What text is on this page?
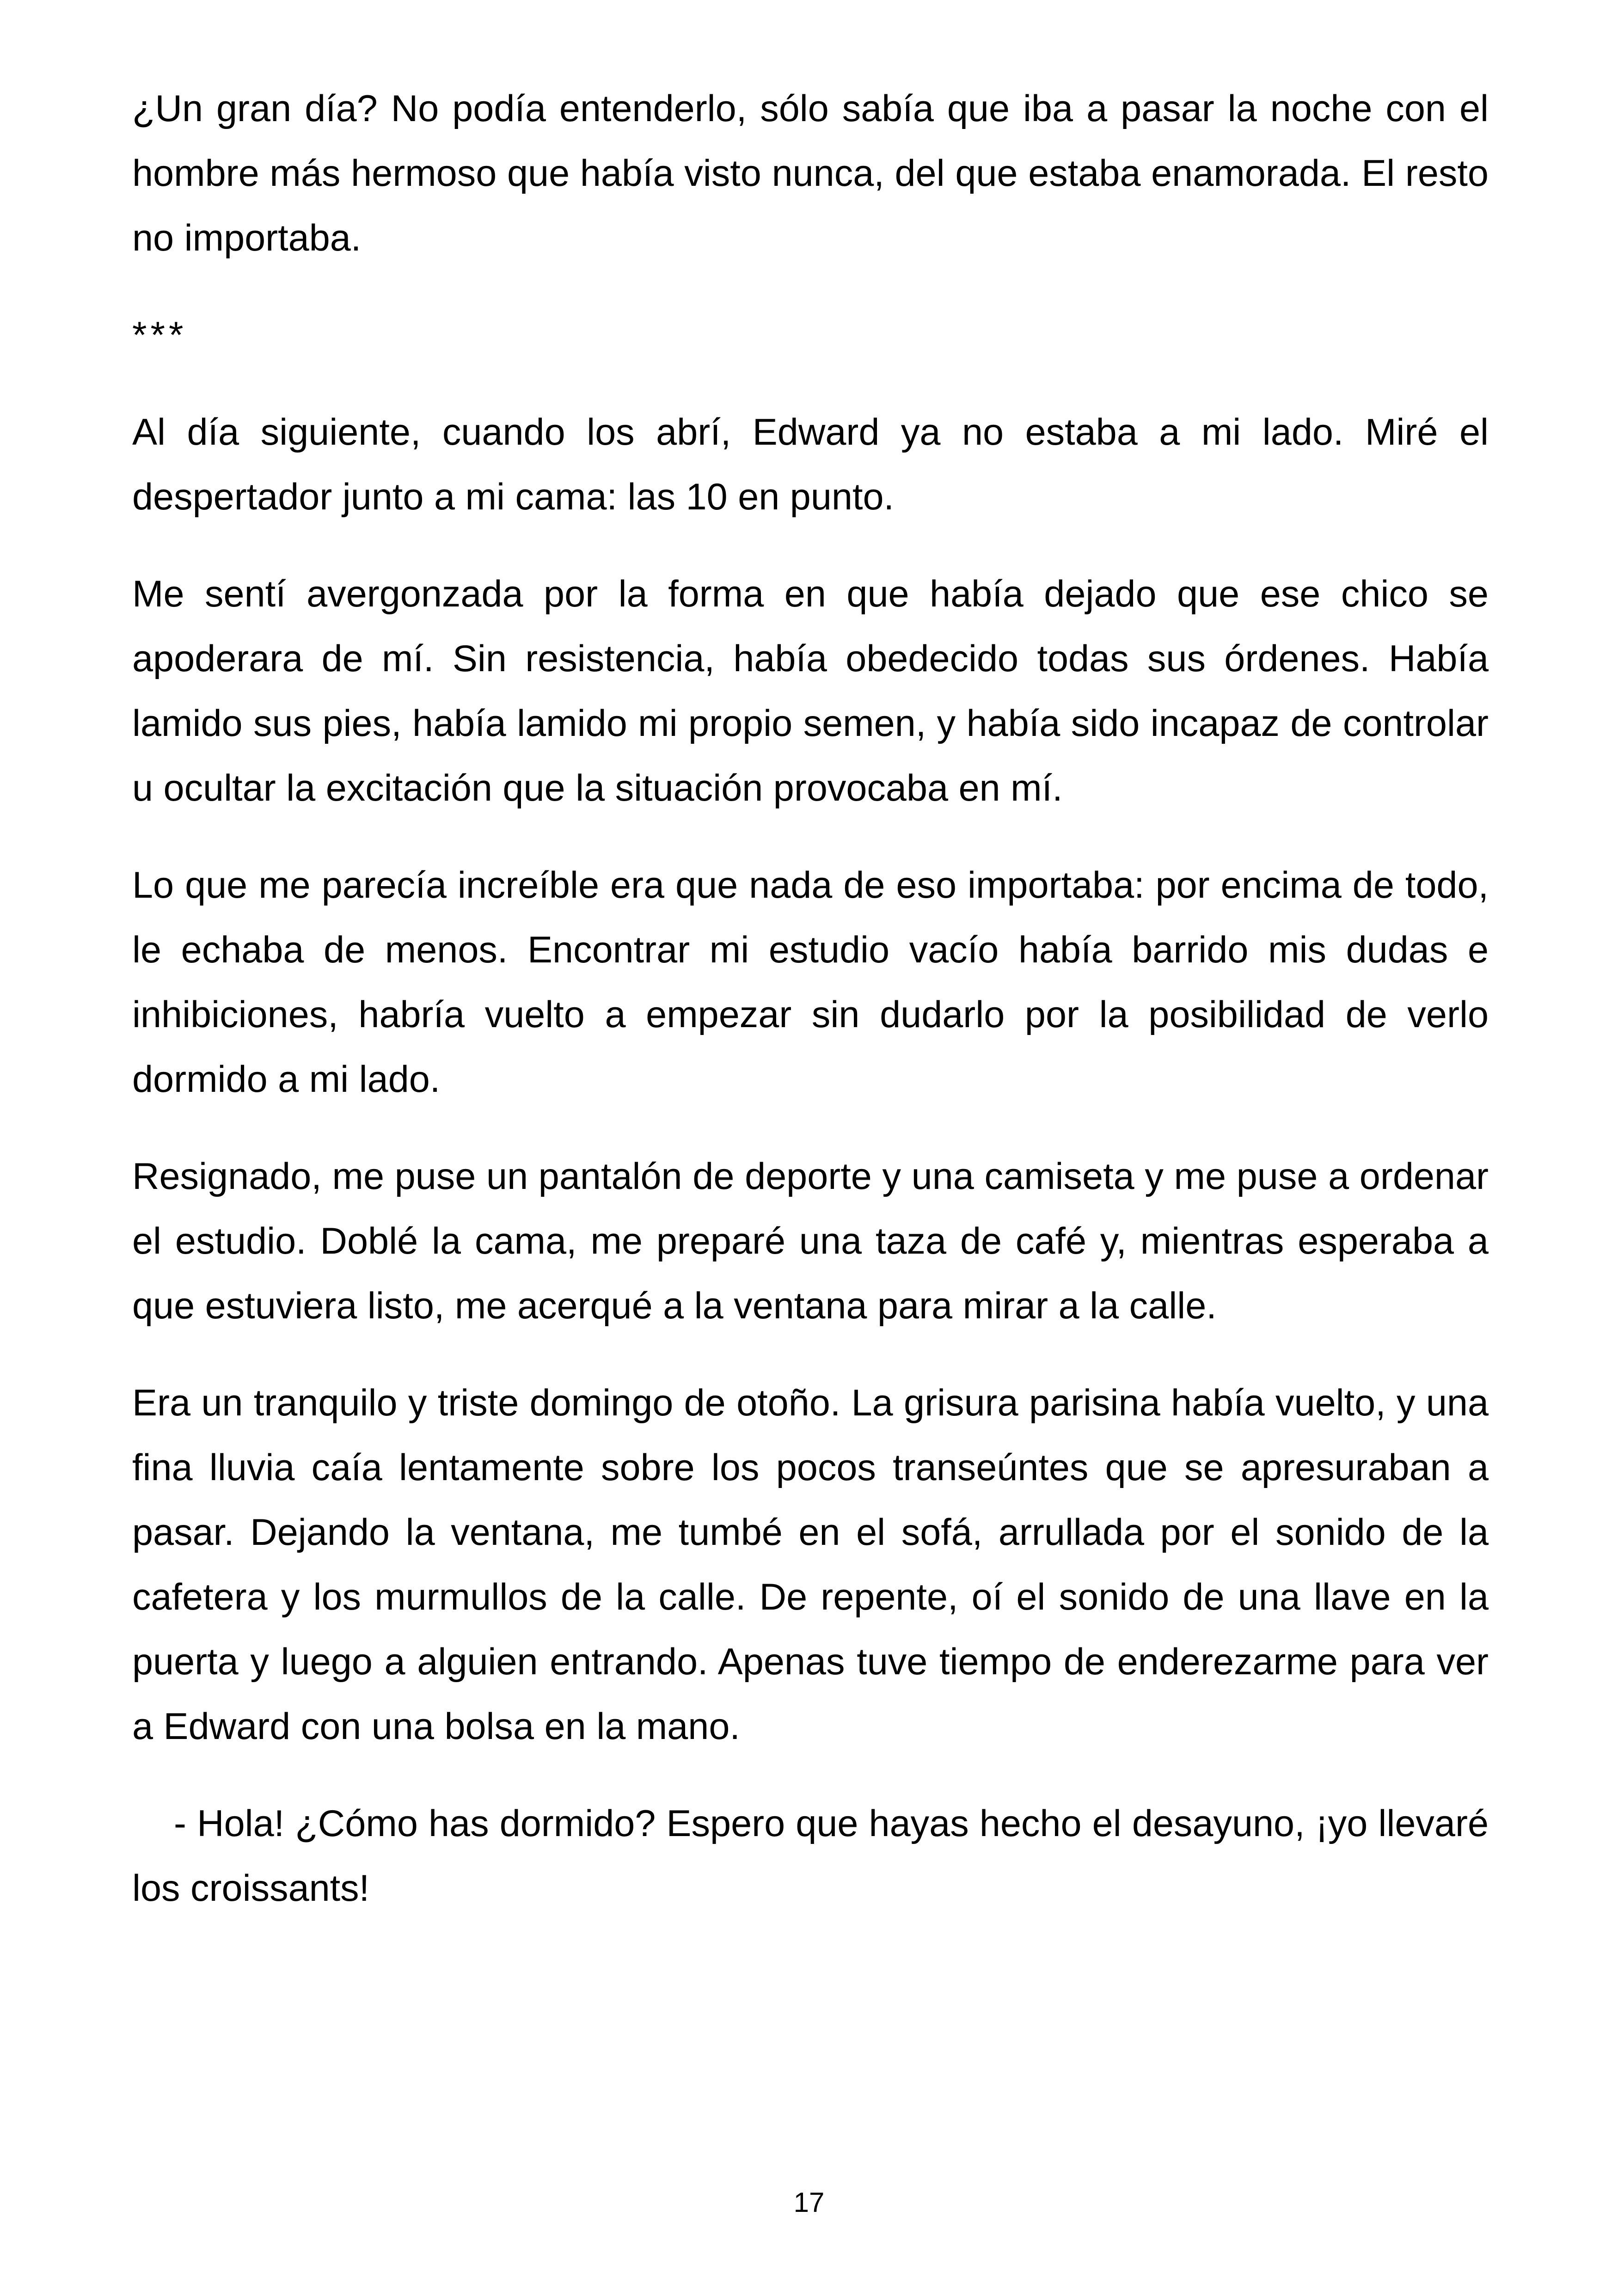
¿Un gran día? No podía entenderlo, sólo sabía que iba a pasar la noche con el hombre más hermoso que había visto nunca, del que estaba enamorada. El resto no importaba.

***

Al día siguiente, cuando los abrí, Edward ya no estaba a mi lado. Miré el despertador junto a mi cama: las 10 en punto.

Me sentí avergonzada por la forma en que había dejado que ese chico se apoderara de mí. Sin resistencia, había obedecido todas sus órdenes. Había lamido sus pies, había lamido mi propio semen, y había sido incapaz de controlar u ocultar la excitación que la situación provocaba en mí.

Lo que me parecía increíble era que nada de eso importaba: por encima de todo, le echaba de menos. Encontrar mi estudio vacío había barrido mis dudas e inhibiciones, habría vuelto a empezar sin dudarlo por la posibilidad de verlo dormido a mi lado.

Resignado, me puse un pantalón de deporte y una camiseta y me puse a ordenar el estudio. Doblé la cama, me preparé una taza de café y, mientras esperaba a que estuviera listo, me acerqué a la ventana para mirar a la calle.

Era un tranquilo y triste domingo de otoño. La grisura parisina había vuelto, y una fina lluvia caía lentamente sobre los pocos transeúntes que se apresuraban a pasar. Dejando la ventana, me tumbé en el sofá, arrullada por el sonido de la cafetera y los murmullos de la calle. De repente, oí el sonido de una llave en la puerta y luego a alguien entrando. Apenas tuve tiempo de enderezarme para ver a Edward con una bolsa en la mano.

- Hola! ¿Cómo has dormido? Espero que hayas hecho el desayuno, ¡yo llevaré los croissants!

17
